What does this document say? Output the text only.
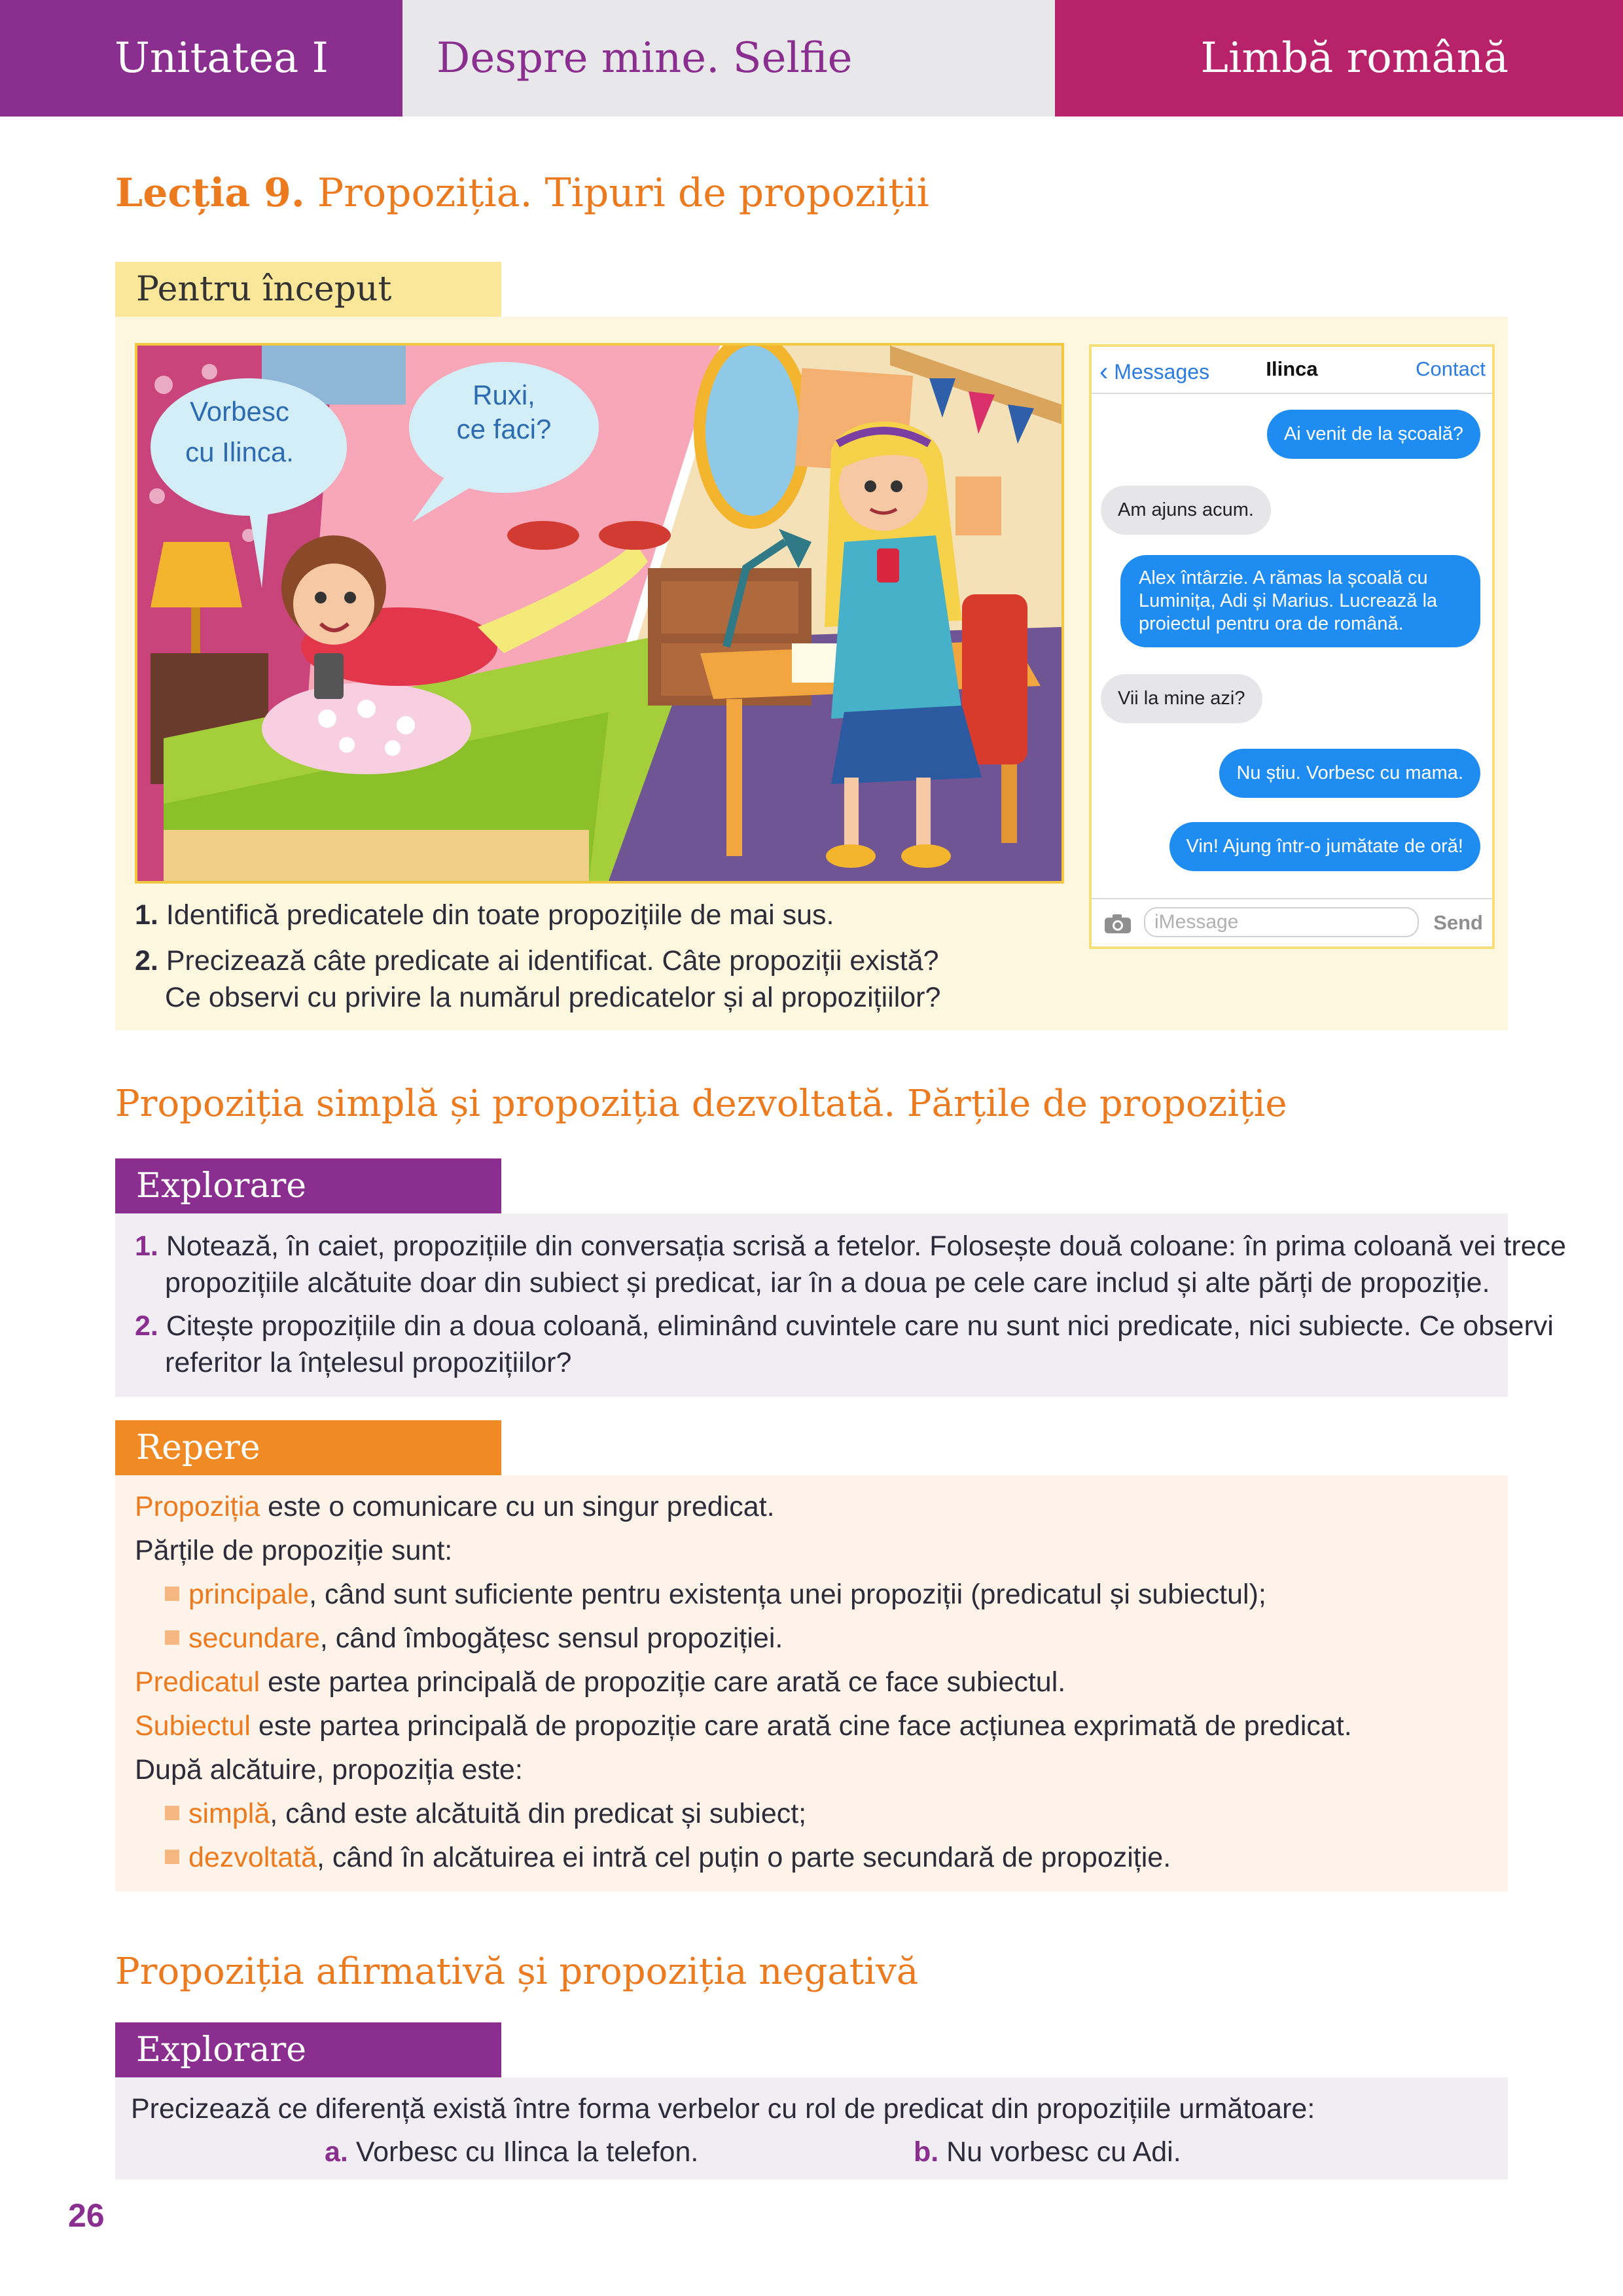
Unitatea I	Despre mine. Selfie	Limbă română
Lecția 9. Propoziția. Tipuri de propoziții
Pentru început
Vorbesc
cu Ilinca.
Ruxi,
ce faci?
‹ Messages	Ilinca	Contact
Ai venit de la școală?
Am ajuns acum.
Alex întârzie. A rămas la școală cu Luminița, Adi și Marius. Lucrează la proiectul pentru ora de română.
Vii la mine azi?
Nu știu. Vorbesc cu mama.
Vin! Ajung într-o jumătate de oră!
iMessage	Send
1. Identifică predicatele din toate propozițiile de mai sus.
2. Precizează câte predicate ai identificat. Câte propoziții există?
Ce observi cu privire la numărul predicatelor și al propozițiilor?
Propoziția simplă și propoziția dezvoltată. Părțile de propoziție
Explorare
1. Notează, în caiet, propozițiile din conversația scrisă a fetelor. Folosește două coloane: în prima coloană vei trece
propozițiile alcătuite doar din subiect și predicat, iar în a doua pe cele care includ și alte părți de propoziție.
2. Citește propozițiile din a doua coloană, eliminând cuvintele care nu sunt nici predicate, nici subiecte. Ce observi
referitor la înțelesul propozițiilor?
Repere
Propoziția este o comunicare cu un singur predicat.
Părțile de propoziție sunt:
principale, când sunt suficiente pentru existența unei propoziții (predicatul și subiectul);
secundare, când îmbogățesc sensul propoziției.
Predicatul este partea principală de propoziție care arată ce face subiectul.
Subiectul este partea principală de propoziție care arată cine face acțiunea exprimată de predicat.
După alcătuire, propoziția este:
simplă, când este alcătuită din predicat și subiect;
dezvoltată, când în alcătuirea ei intră cel puțin o parte secundară de propoziție.
Propoziția afirmativă și propoziția negativă
Explorare
Precizează ce diferență există între forma verbelor cu rol de predicat din propozițiile următoare:
a. Vorbesc cu Ilinca la telefon.	b. Nu vorbesc cu Adi.
26
